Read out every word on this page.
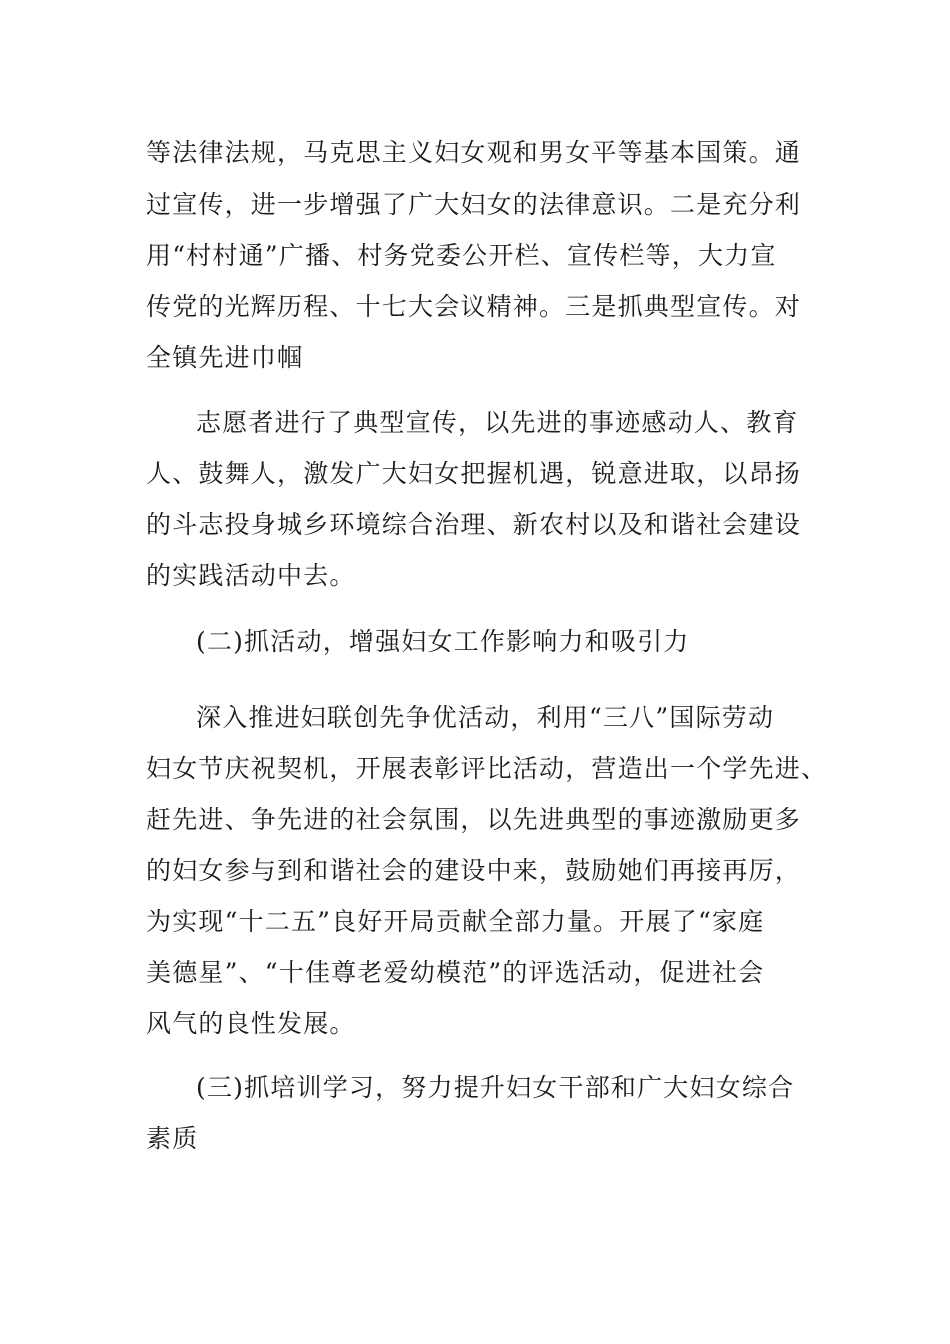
等法律法规，马克思主义妇女观和男女平等基本国策。通
过宣传，进一步增强了广大妇女的法律意识。二是充分利
用“村村通”广播、村务党委公开栏、宣传栏等，大力宣
传党的光辉历程、十七大会议精神。三是抓典型宣传。对
全镇先进巾帼
志愿者进行了典型宣传，以先进的事迹感动人、教育
人、鼓舞人，激发广大妇女把握机遇，锐意进取，以昂扬
的斗志投身城乡环境综合治理、新农村以及和谐社会建设
的实践活动中去。
(二)抓活动，增强妇女工作影响力和吸引力
深入推进妇联创先争优活动，利用“三八”国际劳动
妇女节庆祝契机，开展表彰评比活动，营造出一个学先进、
赶先进、争先进的社会氛围，以先进典型的事迹激励更多
的妇女参与到和谐社会的建设中来，鼓励她们再接再厉，
为实现“十二五”良好开局贡献全部力量。开展了“家庭
美德星”、“十佳尊老爱幼模范”的评选活动，促进社会
风气的良性发展。
(三)抓培训学习，努力提升妇女干部和广大妇女综合
素质
